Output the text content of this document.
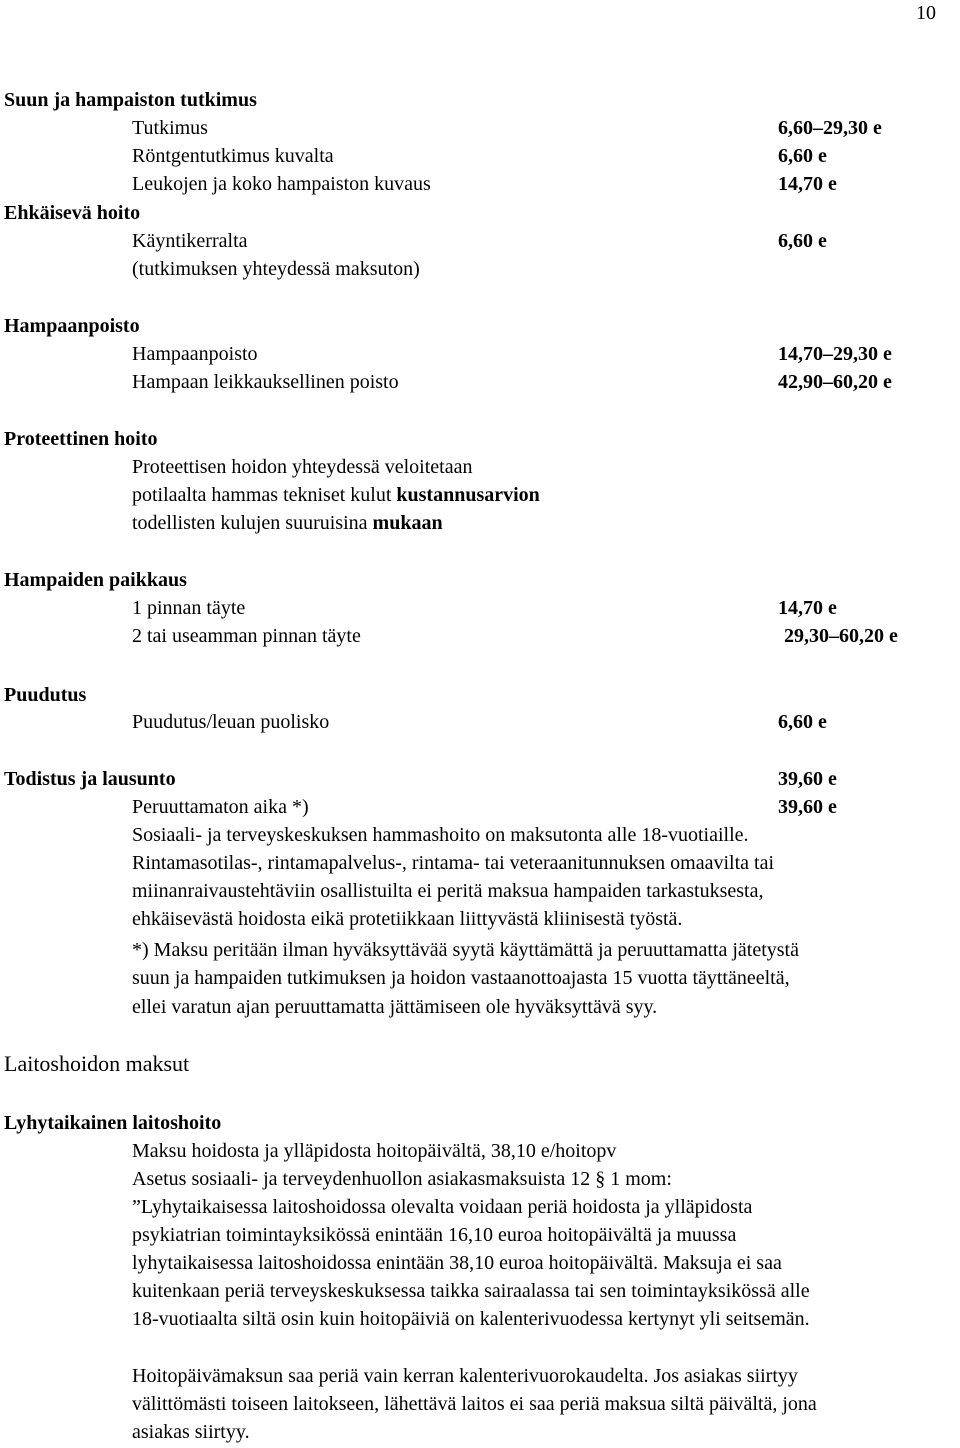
10
Suun ja hampaiston tutkimus
Tutkimus	6,60–29,30 e
Röntgentutkimus kuvalta	6,60 e
Leukojen ja koko hampaiston kuvaus	14,70 e
Ehkäisevä hoito
Käyntikerralta	6,60 e
(tutkimuksen yhteydessä maksuton)
Hampaanpoisto
Hampaanpoisto	14,70–29,30 e
Hampaan leikkauksellinen poisto	42,90–60,20 e
Proteettinen hoito
Proteettisen hoidon yhteydessä veloitetaan
potilaalta hammas tekniset kulut kustannusarvion
todellisten kulujen suuruisina mukaan
Hampaiden paikkaus
1 pinnan täyte	14,70 e
2 tai useamman pinnan täyte	29,30–60,20 e
Puudutus
Puudutus/leuan puolisko	6,60 e
Todistus ja lausunto	39,60 e
Peruuttamaton aika *)	39,60 e
Sosiaali- ja terveyskeskuksen hammashoito on maksutonta alle 18-vuotiaille.
Rintamasotilas-, rintamapalvelus-, rintama- tai veteraanitunnuksen omaavilta tai
miinanraivaustehtäviin osallistuilta ei peritä maksua hampaiden tarkastuksesta,
ehkäisevästä hoidosta eikä protetiikkaan liittyvästä kliinisestä työstä.
*) Maksu peritään ilman hyväksyttävää syytä käyttämättä ja peruuttamatta jätetystä
suun ja hampaiden tutkimuksen ja hoidon vastaanottoajasta 15 vuotta täyttäneeltä,
ellei varatun ajan peruuttamatta jättämiseen ole hyväksyttävä syy.
Laitoshoidon maksut
Lyhytaikainen laitoshoito
Maksu hoidosta ja ylläpidosta hoitopäivältä, 38,10 e/hoitopv
Asetus sosiaali- ja terveydenhuollon asiakasmaksuista 12 § 1 mom:
”Lyhytaikaisessa laitoshoidossa olevalta voidaan periä hoidosta ja ylläpidosta
psykiatrian toimintayksikössä enintään 16,10 euroa hoitopäivältä ja muussa
lyhytaikaisessa laitoshoidossa enintään 38,10 euroa hoitopäivältä. Maksuja ei saa
kuitenkaan periä terveyskeskuksessa taikka sairaalassa tai sen toimintayksikössä alle
18-vuotiaalta siltä osin kuin hoitopäiviä on kalenterivuodessa kertynyt yli seitsemän.
Hoitopäivämaksun saa periä vain kerran kalenterivuorokaudelta. Jos asiakas siirtyy
välittömästi toiseen laitokseen, lähettävä laitos ei saa periä maksua siltä päivältä, jona
asiakas siirtyy.
